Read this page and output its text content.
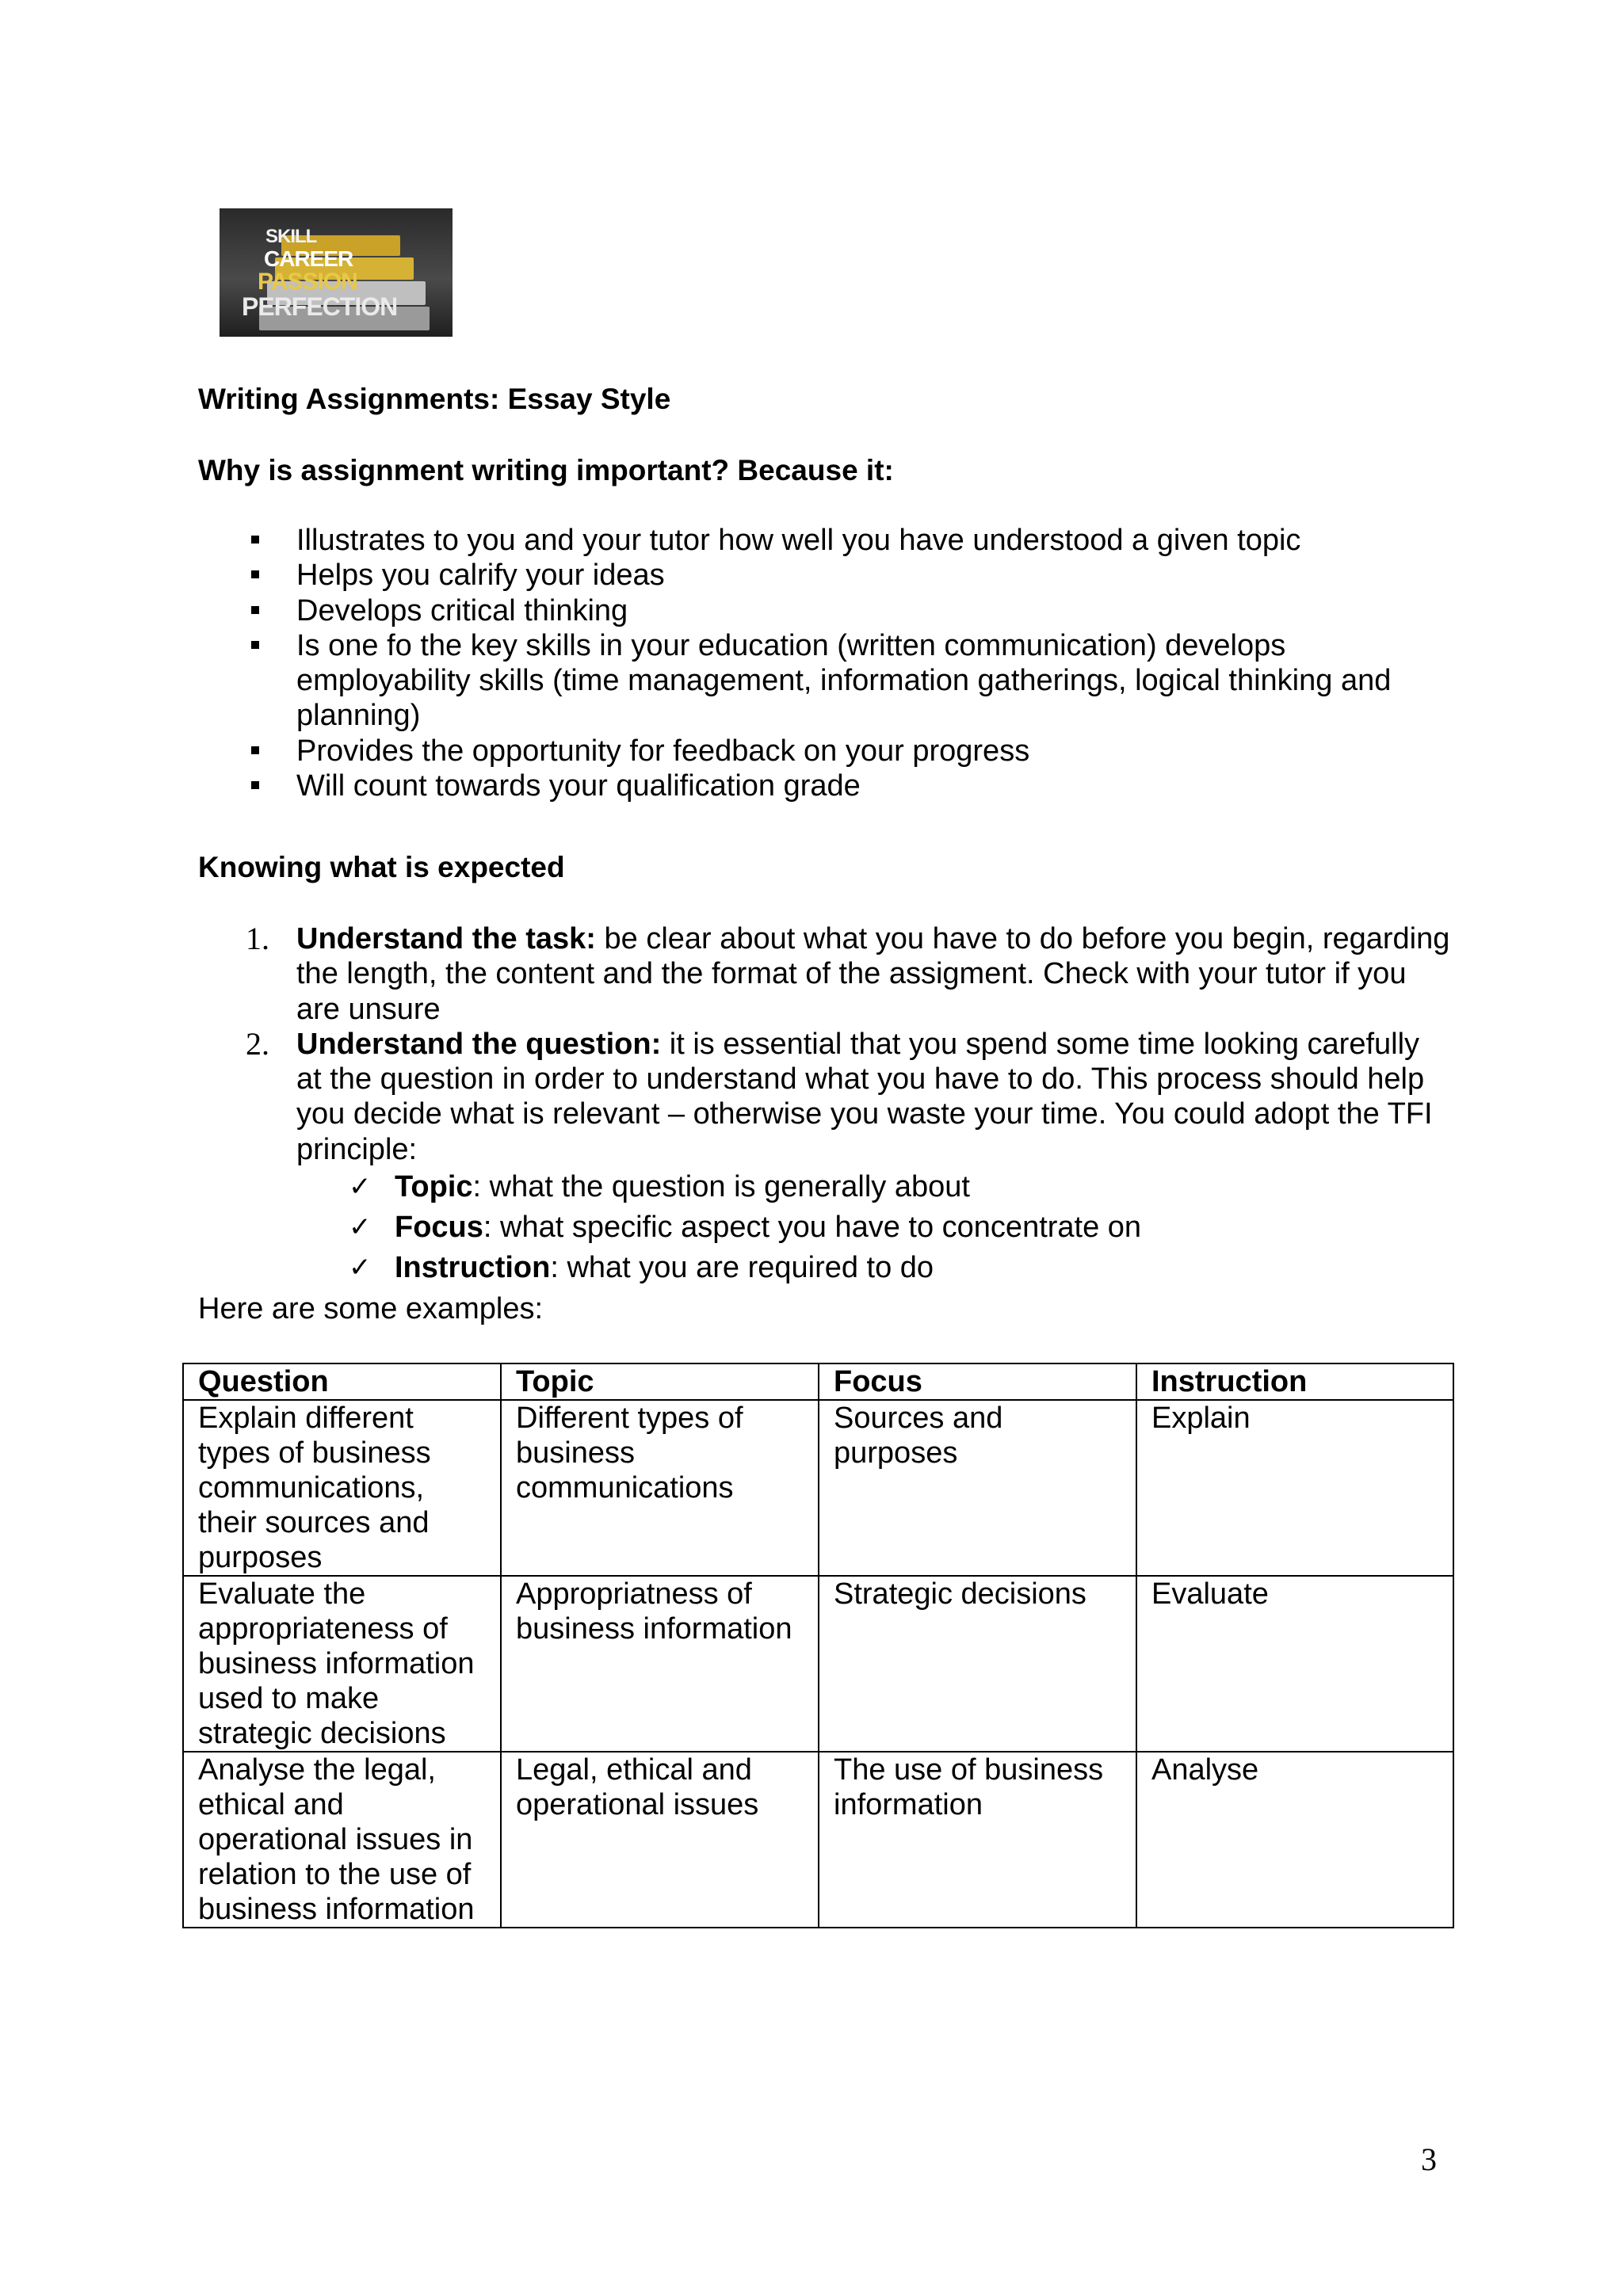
SKILL
CAREER
PASSION
PERFECTION
Writing Assignments: Essay Style
Why is assignment writing important? Because it:
Illustrates to you and your tutor how well you have understood a given topic
Helps you calrify your ideas
Develops critical thinking
Is one fo the key skills in your education (written communication) develops employability skills (time management, information gatherings, logical thinking and planning)
Provides the opportunity for feedback on your progress
Will count towards your qualification grade
Knowing what is expected
1. Understand the task: be clear about what you have to do before you begin, regarding the length, the content and the format of the assigment. Check with your tutor if you are unsure
2. Understand the question: it is essential that you spend some time looking carefully at the question in order to understand what you have to do. This process should help you decide what is relevant – otherwise you waste your time. You could adopt the TFI principle:
✓ Topic: what the question is generally about
✓ Focus: what specific aspect you have to concentrate on
✓ Instruction: what you are required to do
Here are some examples:
Question	Topic	Focus	Instruction
Explain different types of business communications, their sources and purposes	Different types of business communications	Sources and purposes	Explain
Evaluate the appropriateness of business information used to make strategic decisions	Appropriatness of business information	Strategic decisions	Evaluate
Analyse the legal, ethical and operational issues in relation to the use of business information	Legal, ethical and operational issues	The use of business information	Analyse
3
